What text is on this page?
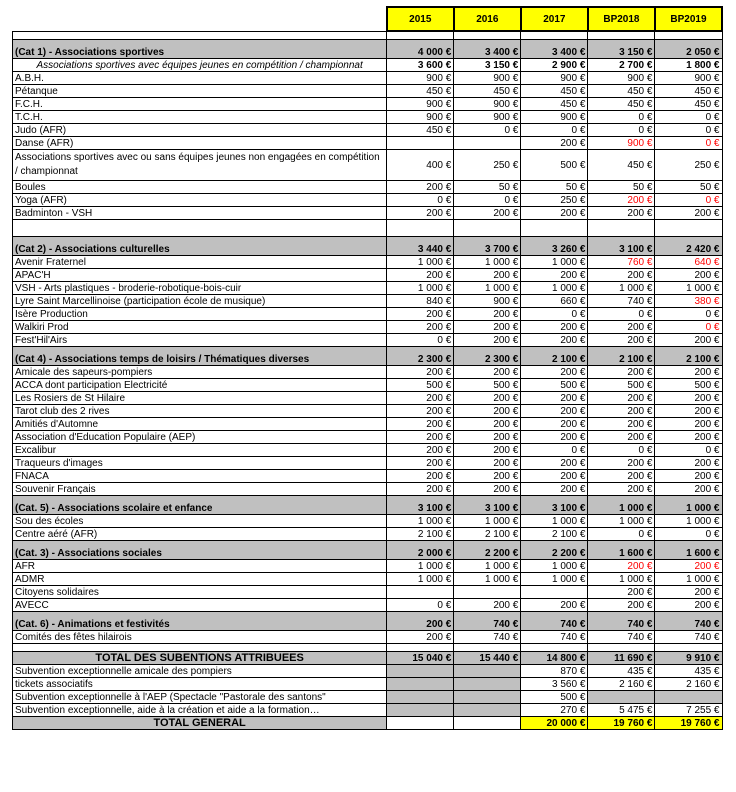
	2015	2016	2017	BP2018	BP2019

(Cat 1) - Associations sportives	4 000 €	3 400 €	3 400 €	3 150 €	2 050 €
Associations sportives avec équipes jeunes en compétition / championnat	3 600 €	3 150 €	2 900 €	2 700 €	1 800 €
A.B.H.	900 €	900 €	900 €	900 €	900 €
Pétanque	450 €	450 €	450 €	450 €	450 €
F.C.H.	900 €	900 €	450 €	450 €	450 €
T.C.H.	900 €	900 €	900 €	0 €	0 €
Judo (AFR)	450 €	0 €	0 €	0 €	0 €
Danse (AFR)			200 €	900 €	0 €
Associations sportives avec ou sans équipes jeunes non engagées en compétition / championnat	400 €	250 €	500 €	450 €	250 €
Boules	200 €	50 €	50 €	50 €	50 €
Yoga (AFR)	0 €	0 €	250 €	200 €	0 €
Badminton - VSH	200 €	200 €	200 €	200 €	200 €

(Cat 2) - Associations culturelles	3 440 €	3 700 €	3 260 €	3 100 €	2 420 €
Avenir Fraternel	1 000 €	1 000 €	1 000 €	760 €	640 €
APAC'H	200 €	200 €	200 €	200 €	200 €
VSH - Arts plastiques - broderie-robotique-bois-cuir	1 000 €	1 000 €	1 000 €	1 000 €	1 000 €
Lyre Saint Marcellinoise (participation école de musique)	840 €	900 €	660 €	740 €	380 €
Isère Production	200 €	200 €	0 €	0 €	0 €
Walkiri Prod	200 €	200 €	200 €	200 €	0 €
Fest'Hil'Airs	0 €	200 €	200 €	200 €	200 €
(Cat 4) - Associations temps de loisirs / Thématiques diverses	2 300 €	2 300 €	2 100 €	2 100 €	2 100 €
Amicale des sapeurs-pompiers	200 €	200 €	200 €	200 €	200 €
ACCA dont participation Electricité	500 €	500 €	500 €	500 €	500 €
Les Rosiers de St Hilaire	200 €	200 €	200 €	200 €	200 €
Tarot club des 2 rives	200 €	200 €	200 €	200 €	200 €
Amitiés d'Automne	200 €	200 €	200 €	200 €	200 €
Association d'Education Populaire (AEP)	200 €	200 €	200 €	200 €	200 €
Excalibur	200 €	200 €	0 €	0 €	0 €
Traqueurs d'images	200 €	200 €	200 €	200 €	200 €
FNACA	200 €	200 €	200 €	200 €	200 €
Souvenir Français	200 €	200 €	200 €	200 €	200 €
(Cat. 5) - Associations scolaire et enfance	3 100 €	3 100 €	3 100 €	1 000 €	1 000 €
Sou des écoles	1 000 €	1 000 €	1 000 €	1 000 €	1 000 €
Centre aéré (AFR)	2 100 €	2 100 €	2 100 €	0 €	0 €
(Cat. 3) - Associations sociales	2 000 €	2 200 €	2 200 €	1 600 €	1 600 €
AFR	1 000 €	1 000 €	1 000 €	200 €	200 €
ADMR	1 000 €	1 000 €	1 000 €	1 000 €	1 000 €
Citoyens solidaires				200 €	200 €
AVECC	0 €	200 €	200 €	200 €	200 €
(Cat. 6) - Animations et festivités	200 €	740 €	740 €	740 €	740 €
Comités des fêtes hilairois	200 €	740 €	740 €	740 €	740 €

TOTAL DES SUBENTIONS ATTRIBUEES	15 040 €	15 440 €	14 800 €	11 690 €	9 910 €
Subvention exceptionnelle amicale des pompiers			870 €	435 €	435 €
tickets associatifs			3 560 €	2 160 €	2 160 €
Subvention exceptionnelle à l'AEP (Spectacle "Pastorale des santons"			500 €		
Subvention exceptionnelle, aide à la création et aide a la formation…			270 €	5 475 €	7 255 €
TOTAL GENERAL			20 000 €	19 760 €	19 760 €
